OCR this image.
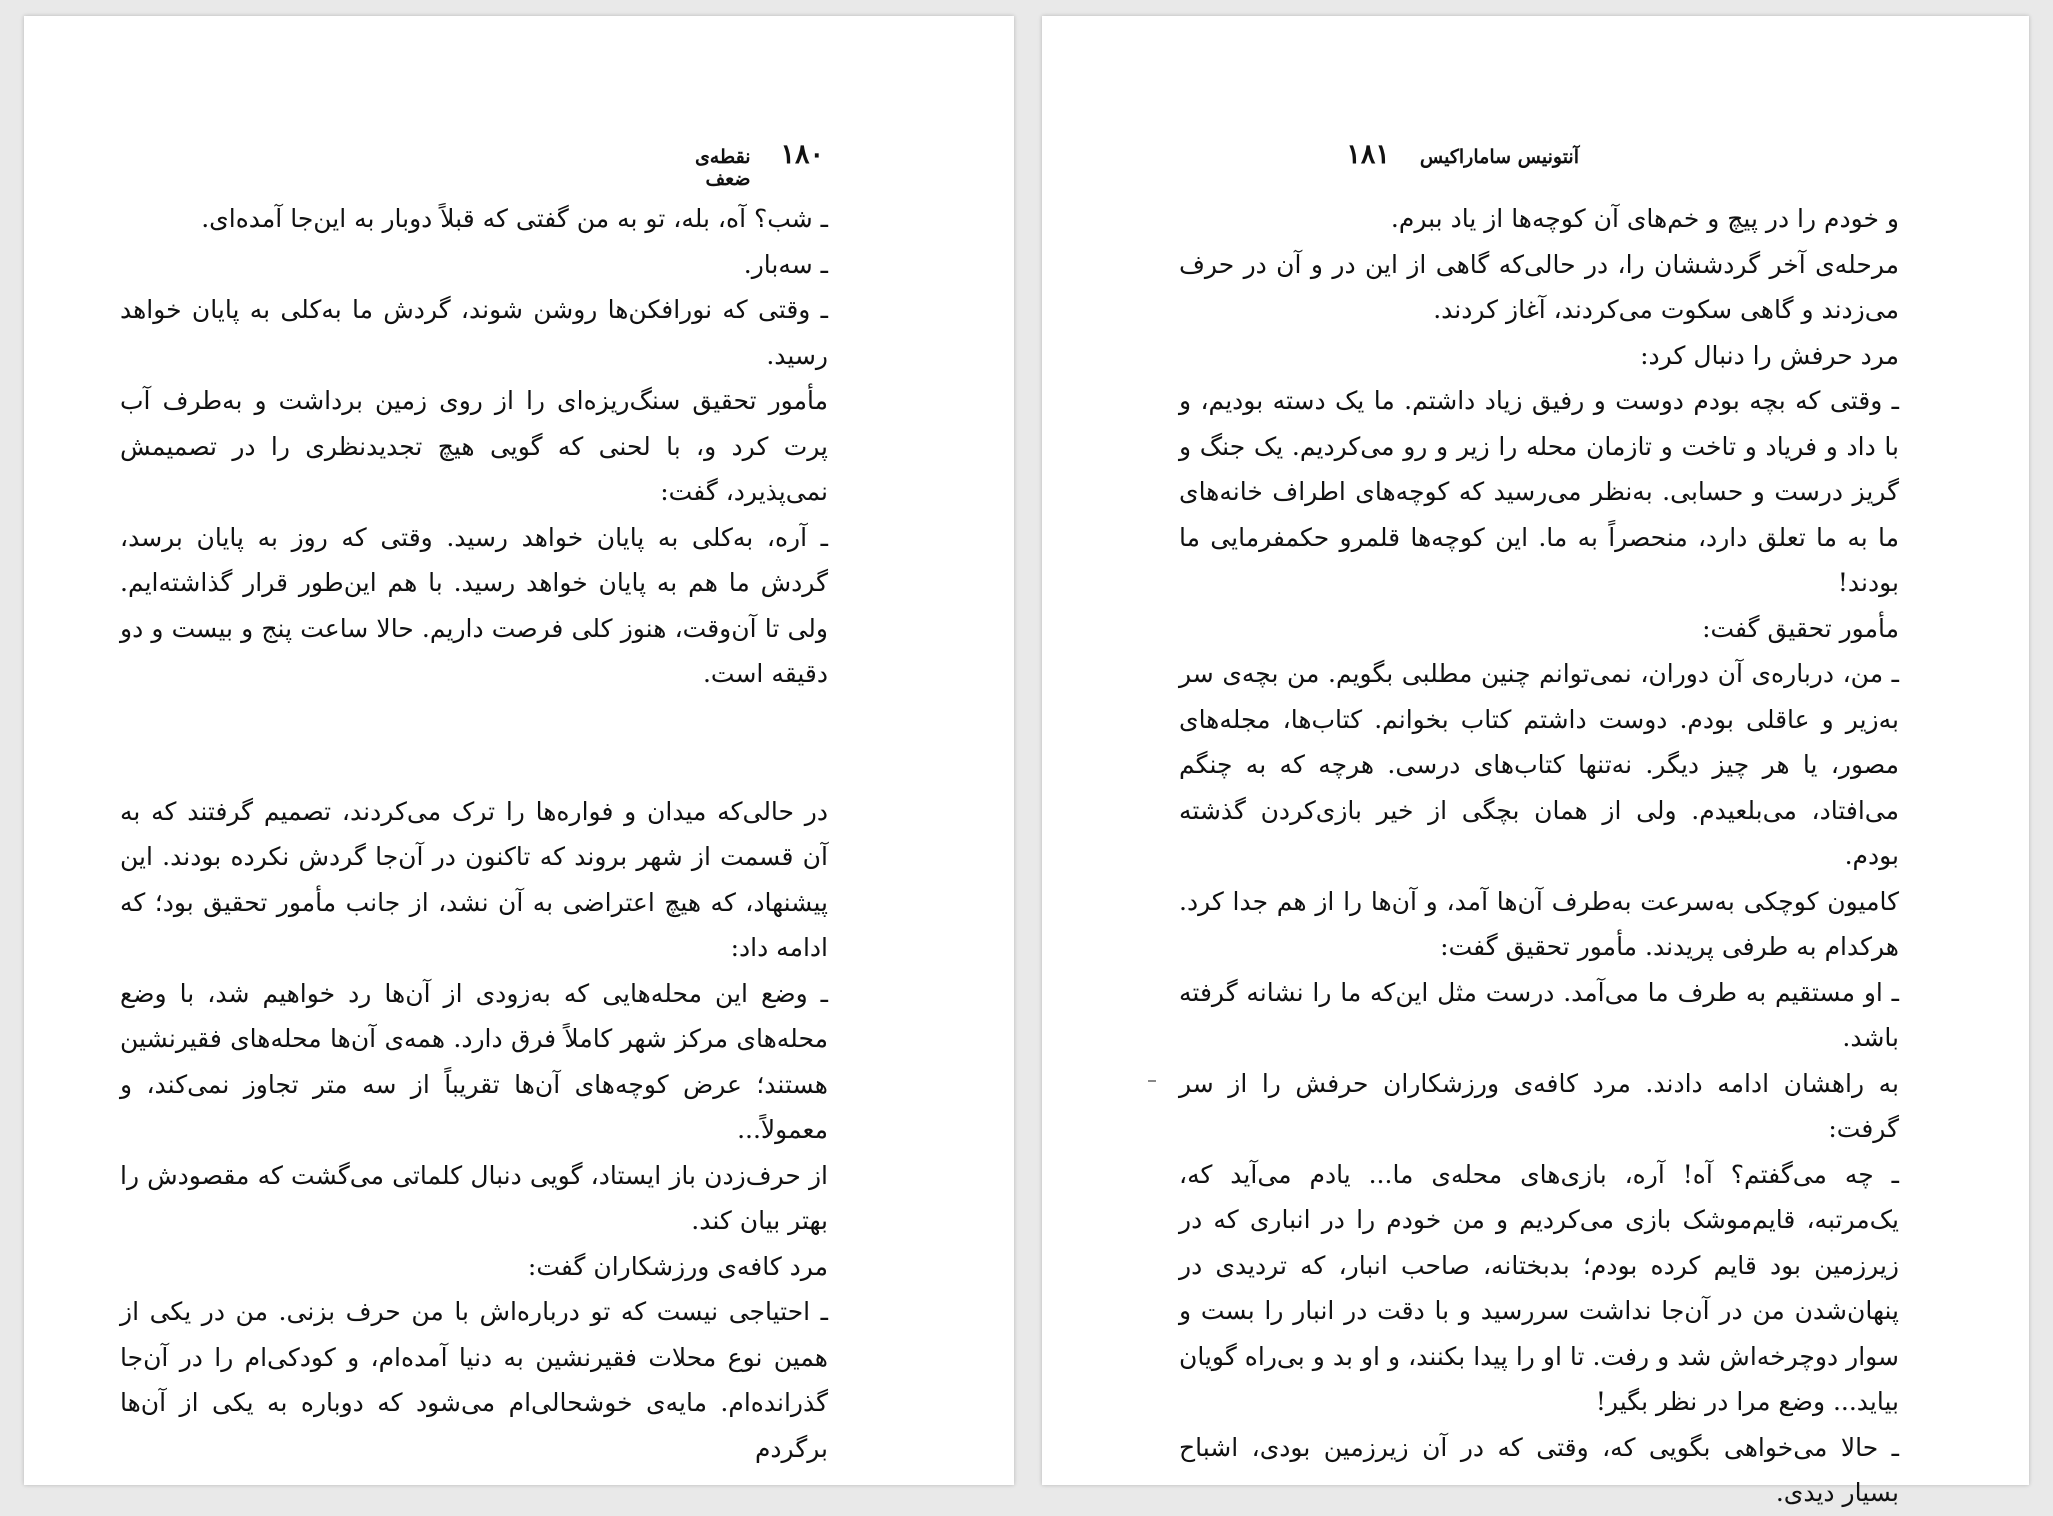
۱۸۰
نقطه‌ی ضعف

ـ شب؟ آه، بله، تو به من گفتی که قبلاً دوبار به این‌جا آمده‌ای.

ـ سه‌بار.

ـ وقتی که نورافکن‌ها روشن شوند، گردش ما به‌کلی به پایان خواهد رسید.

مأمور تحقیق سنگ‌ریزه‌ای را از روی زمین برداشت و به‌طرف آب پرت کرد و، با لحنی که گویی هیچ تجدیدنظری را در تصمیمش نمی‌پذیرد، گفت:

ـ آره، به‌کلی به پایان خواهد رسید. وقتی که روز به پایان برسد، گردش ما هم به پایان خواهد رسید. با هم این‌طور قرار گذاشته‌ایم. ولی تا آن‌وقت، هنوز کلی فرصت داریم. حالا ساعت پنج و بیست و دو دقیقه است.

در حالی‌که میدان و فواره‌ها را ترک می‌کردند، تصمیم گرفتند که به آن قسمت از شهر بروند که تاکنون در آن‌جا گردش نکرده بودند. این پیشنهاد، که هیچ اعتراضی به آن نشد، از جانب مأمور تحقیق بود؛ که ادامه داد:

ـ وضع این محله‌هایی که به‌زودی از آن‌ها رد خواهیم شد، با وضع محله‌های مرکز شهر کاملاً فرق دارد. همه‌ی آن‌ها محله‌های فقیرنشین هستند؛ عرض کوچه‌های آن‌ها تقریباً از سه متر تجاوز نمی‌کند، و معمولاً...

از حرف‌زدن باز ایستاد، گویی دنبال کلماتی می‌گشت که مقصودش را بهتر بیان کند.

مرد کافه‌ی ورزشکاران گفت:

ـ احتیاجی نیست که تو درباره‌اش با من حرف بزنی. من در یکی از همین نوع محلات فقیرنشین به دنیا آمده‌ام، و کودکی‌ام را در آن‌جا گذرانده‌ام. مایه‌ی خوشحالی‌ام می‌شود که دوباره به یکی از آن‌ها برگردم

آنتونیس ساماراکیس
۱۸۱

و خودم را در پیچ و خم‌های آن کوچه‌ها از یاد ببرم.

مرحله‌ی آخر گردششان را، در حالی‌که گاهی از این در و آن در حرف می‌زدند و گاهی سکوت می‌کردند، آغاز کردند.

مرد حرفش را دنبال کرد:

ـ وقتی که بچه بودم دوست و رفیق زیاد داشتم. ما یک دسته بودیم، و با داد و فریاد و تاخت و تازمان محله را زیر و رو می‌کردیم. یک جنگ و گریز درست و حسابی. به‌نظر می‌رسید که کوچه‌های اطراف خانه‌های ما به ما تعلق دارد، منحصراً به ما. این کوچه‌ها قلمرو حکمفرمایی ما بودند!

مأمور تحقیق گفت:

ـ من، درباره‌ی آن دوران، نمی‌توانم چنین مطلبی بگویم. من بچه‌ی سر به‌زیر و عاقلی بودم. دوست داشتم کتاب بخوانم. کتاب‌ها، مجله‌های مصور، یا هر چیز دیگر. نه‌تنها کتاب‌های درسی. هرچه که به چنگم می‌افتاد، می‌بلعیدم. ولی از همان بچگی از خیر بازی‌کردن گذشته بودم.

کامیون کوچکی به‌سرعت به‌طرف آن‌ها آمد، و آن‌ها را از هم جدا کرد. هرکدام به طرفی پریدند. مأمور تحقیق گفت:

ـ او مستقیم به طرف ما می‌آمد. درست مثل این‌که ما را نشانه گرفته باشد.

به راهشان ادامه دادند. مرد کافه‌ی ورزشکاران حرفش را از سر گرفت:

ـ چه می‌گفتم؟ آه! آره، بازی‌های محله‌ی ما... یادم می‌آید که، یک‌مرتبه، قایم‌موشک بازی می‌کردیم و من خودم را در انباری که در زیرزمین بود قایم کرده بودم؛ بدبختانه، صاحب انبار، که تردیدی در پنهان‌شدن من در آن‌جا نداشت سررسید و با دقت در انبار را بست و سوار دوچرخه‌اش شد و رفت. تا او را پیدا بکنند، و او بد و بی‌راه گویان بیاید... وضع مرا در نظر بگیر!

ـ حالا می‌خواهی بگویی که، وقتی که در آن زیرزمین بودی، اشباح بسیار دیدی.
